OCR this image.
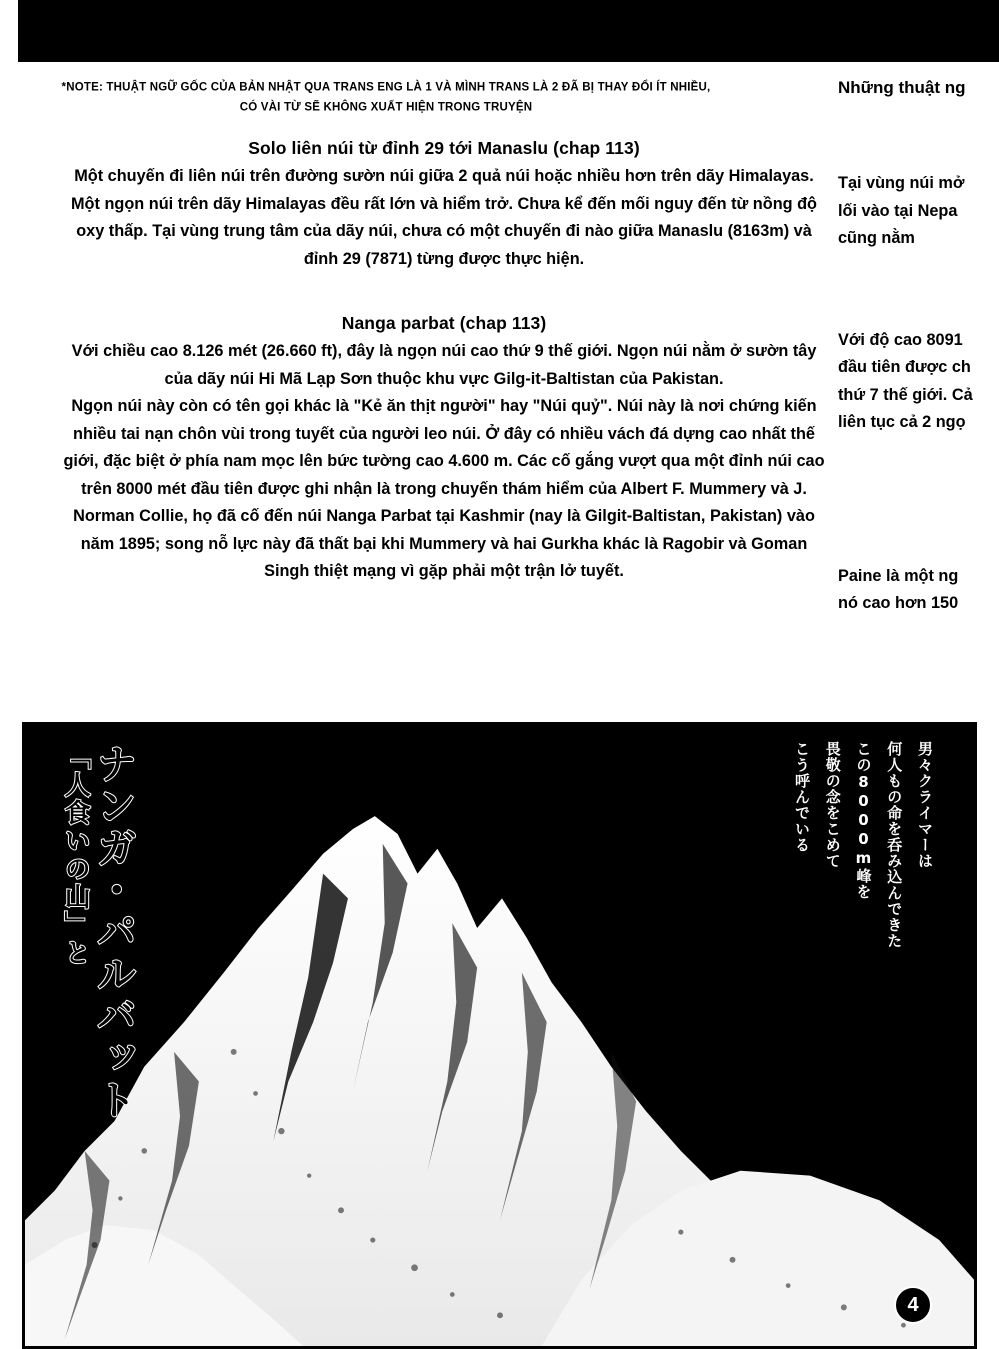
*NOTE: THUẬT NGỮ GỐC CỦA BẢN NHẬT QUA TRANS ENG LÀ 1 VÀ MÌNH TRANS LÀ 2 ĐÃ BỊ THAY ĐỔI ÍT NHIỀU, CÓ VÀI TỪ SẼ KHÔNG XUẤT HIỆN TRONG TRUYỆN
Solo liên núi từ đỉnh 29 tới Manaslu (chap 113)

Một chuyến đi liên núi trên đường sườn núi giữa 2 quả núi hoặc nhiều hơn trên dãy Himalayas. Một ngọn núi trên dãy Himalayas đều rất lớn và hiểm trở. Chưa kể đến mối nguy đến từ nồng độ oxy thấp. Tại vùng trung tâm của dãy núi, chưa có một chuyến đi nào giữa Manaslu (8163m) và đỉnh 29 (7871) từng được thực hiện.

Nanga parbat (chap 113)

Với chiều cao 8.126 mét (26.660 ft), đây là ngọn núi cao thứ 9 thế giới. Ngọn núi nằm ở sườn tây của dãy núi Hi Mã Lạp Sơn thuộc khu vực Gilg-it-Baltistan của Pakistan.

Ngọn núi này còn có tên gọi khác là "Kẻ ăn thịt người" hay "Núi quỷ". Núi này là nơi chứng kiến nhiều tai nạn chôn vùi trong tuyết của người leo núi. Ở đây có nhiều vách đá dựng cao nhất thế giới, đặc biệt ở phía nam mọc lên bức tường cao 4.600 m. Các cố gắng vượt qua một đỉnh núi cao trên 8000 mét đầu tiên được ghi nhận là trong chuyến thám hiểm của Albert F. Mummery và J. Norman Collie, họ đã cố đến núi Nanga Parbat tại Kashmir (nay là Gilgit-Baltistan, Pakistan) vào năm 1895; song nỗ lực này đã thất bại khi Mummery và hai Gurkha khác là Ragobir và Goman Singh thiệt mạng vì gặp phải một trận lở tuyết.

Những thuật ng

Tại vùng núi mở

lối vào tại Nepa

cũng nằm

Với độ cao 8091

đầu tiên được ch

thứ 7 thế giới. Cả

liên tục cả 2 ngọ

Paine là một ng

nó cao hơn 150

ナンガ・パルバット
「人食いの山」と	こう呼んでいる 畏敬の念をこめて この8000m峰を 何人もの命を呑み込んできた 男々クライマーは
4
